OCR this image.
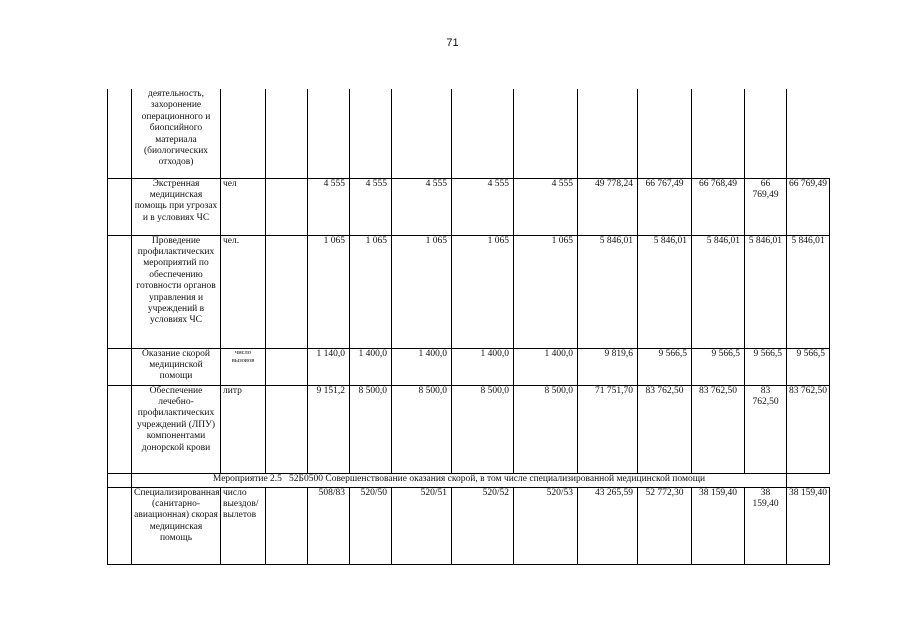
71
	деятельность, захоронение операционного и биопсийного материала (биологических отходов)												
	Экстренная медицинская помощь при угрозах и в условиях ЧС	чел		4 555	4 555	4 555	4 555	4 555	49 778,24	66 767,49	66 768,49	66 769,49	66 769,49
	Проведение профилактических мероприятий по обеспечению готовности органов управления и учреждений в условиях ЧС	чел.		1 065	1 065	1 065	1 065	1 065	5 846,01	5 846,01	5 846,01	5 846,01	5 846,01
	Оказание скорой медицинской помощи	число вызовов		1 140,0	1 400,0	1 400,0	1 400,0	1 400,0	9 819,6	9 566,5	9 566,5	9 566,5	9 566,5
	Обеспечение лечебно-профилактических учреждений (ЛПУ) компонентами донорской крови	литр		9 151,2	8 500,0	8 500,0	8 500,0	8 500,0	71 751,70	83 762,50	83 762,50	83 762,50	83 762,50
	Мероприятие 2.5 52Б0500 Совершенствование оказания скорой, в том числе специализированной медицинской помощи												
	Специализированная (санитарно-авиационная) скорая медицинская помощь	число выездов/ вылетов		508/83	520/50	520/51	520/52	520/53	43 265,59	52 772,30	38 159,40	38 159,40	38 159,40
